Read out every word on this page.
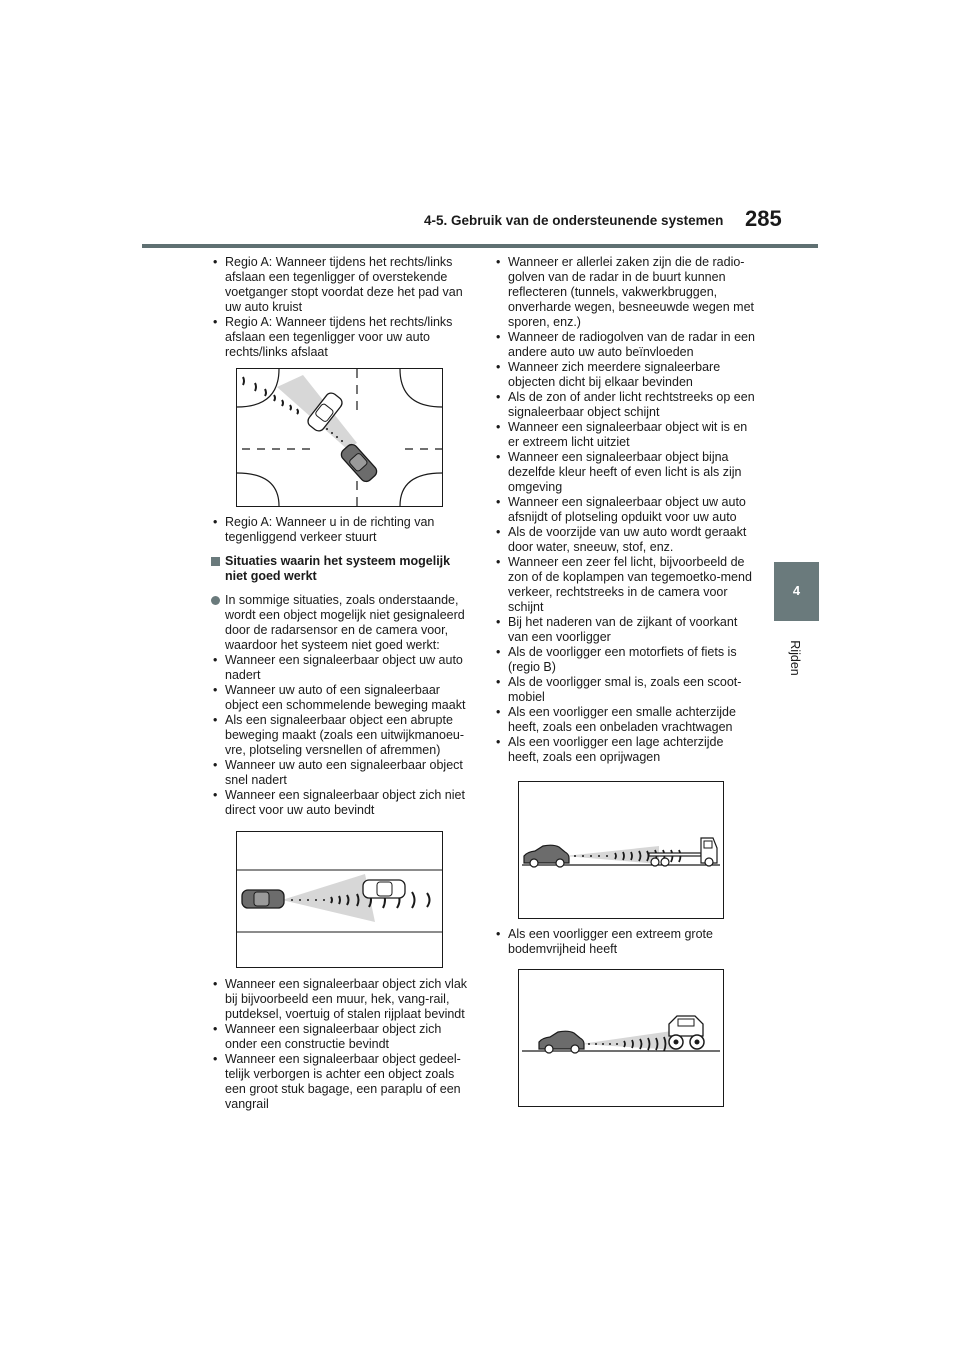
4-5. Gebruik van de ondersteunende systemen 285
4
Rijden
• Regio A: Wanneer tijdens het rechts/links afslaan een tegenligger of overstekende voetganger stopt voordat deze het pad van uw auto kruist
• Regio A: Wanneer tijdens het rechts/links afslaan een tegenligger voor uw auto rechts/links afslaat
• Regio A: Wanneer u in de richting van tegenliggend verkeer stuurt
Situaties waarin het systeem mogelijk niet goed werkt
In sommige situaties, zoals onderstaande, wordt een object mogelijk niet gesignaleerd door de radarsensor en de camera voor, waardoor het systeem niet goed werkt:
• Wanneer een signaleerbaar object uw auto nadert
• Wanneer uw auto of een signaleerbaar object een schommelende beweging maakt
• Als een signaleerbaar object een abrupte beweging maakt (zoals een uitwijkmanoeu-vre, plotseling versnellen of afremmen)
• Wanneer uw auto een signaleerbaar object snel nadert
• Wanneer een signaleerbaar object zich niet direct voor uw auto bevindt
• Wanneer een signaleerbaar object zich vlak bij bijvoorbeeld een muur, hek, vang-rail, putdeksel, voertuig of stalen rijplaat bevindt
• Wanneer een signaleerbaar object zich onder een constructie bevindt
• Wanneer een signaleerbaar object gedeel-telijk verborgen is achter een object zoals een groot stuk bagage, een paraplu of een vangrail
• Wanneer er allerlei zaken zijn die de radio-golven van de radar in de buurt kunnen reflecteren (tunnels, vakwerkbruggen, onverharde wegen, besneeuwde wegen met sporen, enz.)
• Wanneer de radiogolven van de radar in een andere auto uw auto beïnvloeden
• Wanneer zich meerdere signaleerbare objecten dicht bij elkaar bevinden
• Als de zon of ander licht rechtstreeks op een signaleerbaar object schijnt
• Wanneer een signaleerbaar object wit is en er extreem licht uitziet
• Wanneer een signaleerbaar object bijna dezelfde kleur heeft of even licht is als zijn omgeving
• Wanneer een signaleerbaar object uw auto afsnijdt of plotseling opduikt voor uw auto
• Als de voorzijde van uw auto wordt geraakt door water, sneeuw, stof, enz.
• Wanneer een zeer fel licht, bijvoorbeeld de zon of de koplampen van tegemoetko-mend verkeer, rechtstreeks in de camera voor schijnt
• Bij het naderen van de zijkant of voorkant van een voorligger
• Als de voorligger een motorfiets of fiets is (regio B)
• Als de voorligger smal is, zoals een scoot-mobiel
• Als een voorligger een smalle achterzijde heeft, zoals een onbeladen vrachtwagen
• Als een voorligger een lage achterzijde heeft, zoals een oprijwagen
• Als een voorligger een extreem grote bodemvrijheid heeft
